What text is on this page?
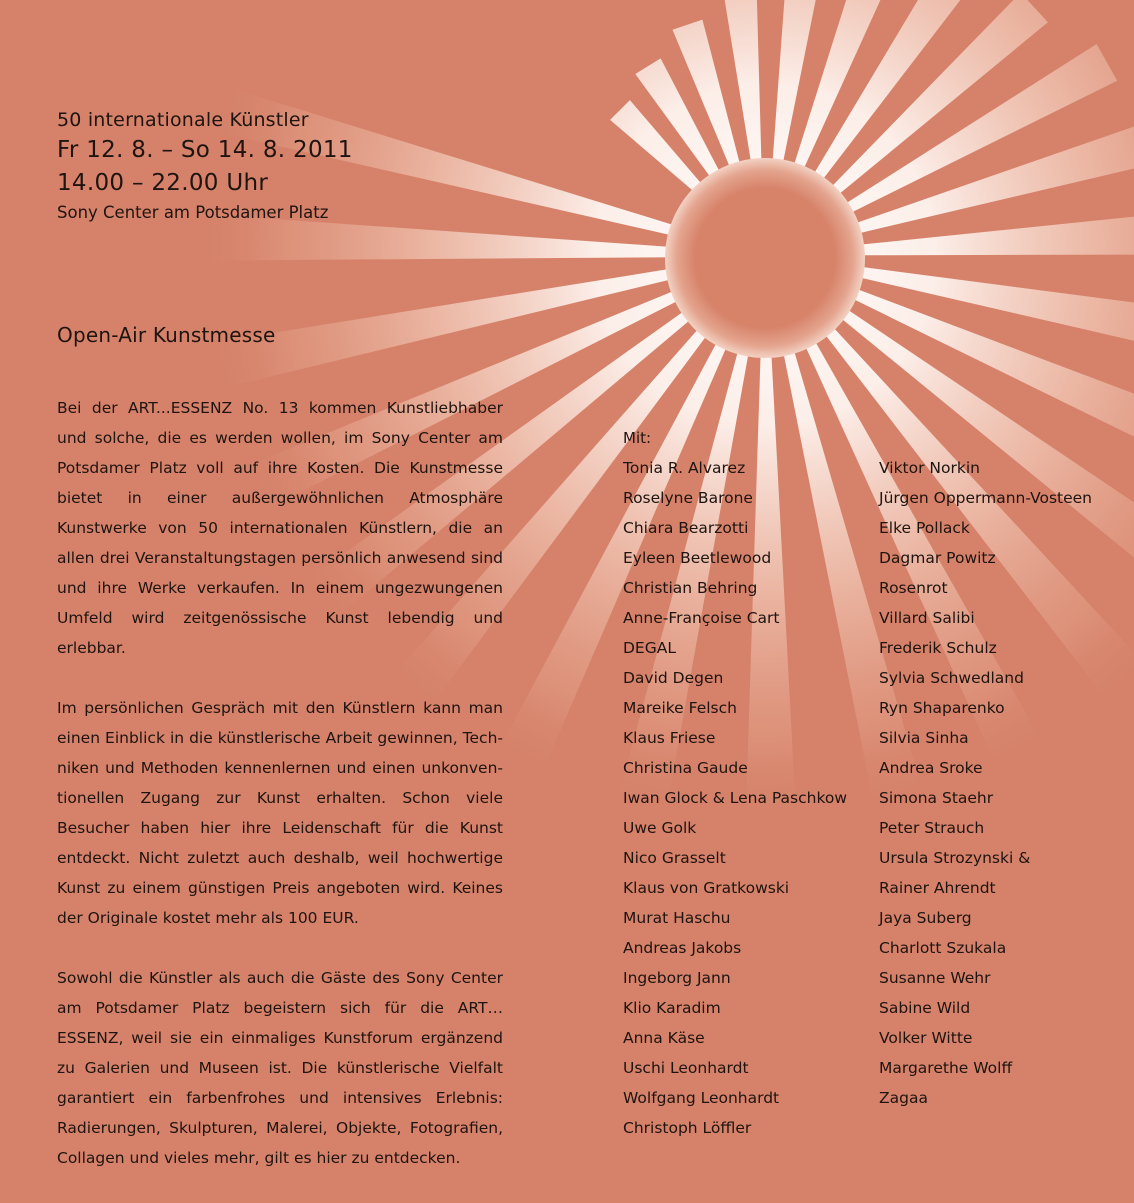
50 internationale Künstler
Fr 12. 8. – So 14. 8. 2011
14.00 – 22.00 Uhr
Sony Center am Potsdamer Platz
Open-Air Kunstmesse

Bei der ART...ESSENZ No. 13 kommen Kunstliebhaber und solche, die es werden wollen, im Sony Center am Potsdamer Platz voll auf ihre Kosten. Die Kunstmesse bietet in einer außergewöhnlichen Atmosphäre Kunstwerke von 50 internationalen Künstlern, die an allen drei Veranstaltungstagen persönlich anwesend sind und ihre Werke verkaufen. In einem ungezwungenen Umfeld wird zeitgenössische Kunst lebendig und erlebbar.

Im persönlichen Gespräch mit den Künstlern kann man einen Einblick in die künstlerische Arbeit gewinnen, Techniken und Methoden kennenlernen und einen unkonventionellen Zugang zur Kunst erhalten. Schon viele Besucher haben hier ihre Leidenschaft für die Kunst entdeckt. Nicht zuletzt auch deshalb, weil hochwertige Kunst zu einem günstigen Preis angeboten wird. Keines der Originale kostet mehr als 100 EUR.

Sowohl die Künstler als auch die Gäste des Sony Center am Potsdamer Platz begeistern sich für die ART…ESSENZ, weil sie ein einmaliges Kunstforum ergänzend zu Galerien und Museen ist. Die künstlerische Vielfalt garantiert ein farbenfrohes und intensives Erlebnis: Radierungen, Skulpturen, Malerei, Objekte, Fotografien, Collagen und vieles mehr, gilt es hier zu entdecken.

Mit:
Tonia R. Alvarez
Roselyne Barone
Chiara Bearzotti
Eyleen Beetlewood
Christian Behring
Anne-Françoise Cart
DEGAL
David Degen
Mareike Felsch
Klaus Friese
Christina Gaude
Iwan Glock & Lena Paschkow
Uwe Golk
Nico Grasselt
Klaus von Gratkowski
Murat Haschu
Andreas Jakobs
Ingeborg Jann
Klio Karadim
Anna Käse
Uschi Leonhardt
Wolfgang Leonhardt
Christoph Löffler
Viktor Norkin
Jürgen Oppermann-Vosteen
Elke Pollack
Dagmar Powitz
Rosenrot
Villard Salibi
Frederik Schulz
Sylvia Schwedland
Ryn Shaparenko
Silvia Sinha
Andrea Sroke
Simona Staehr
Peter Strauch
Ursula Strozynski &
Rainer Ahrendt
Jaya Suberg
Charlott Szukala
Susanne Wehr
Sabine Wild
Volker Witte
Margarethe Wolff
Zagaa
